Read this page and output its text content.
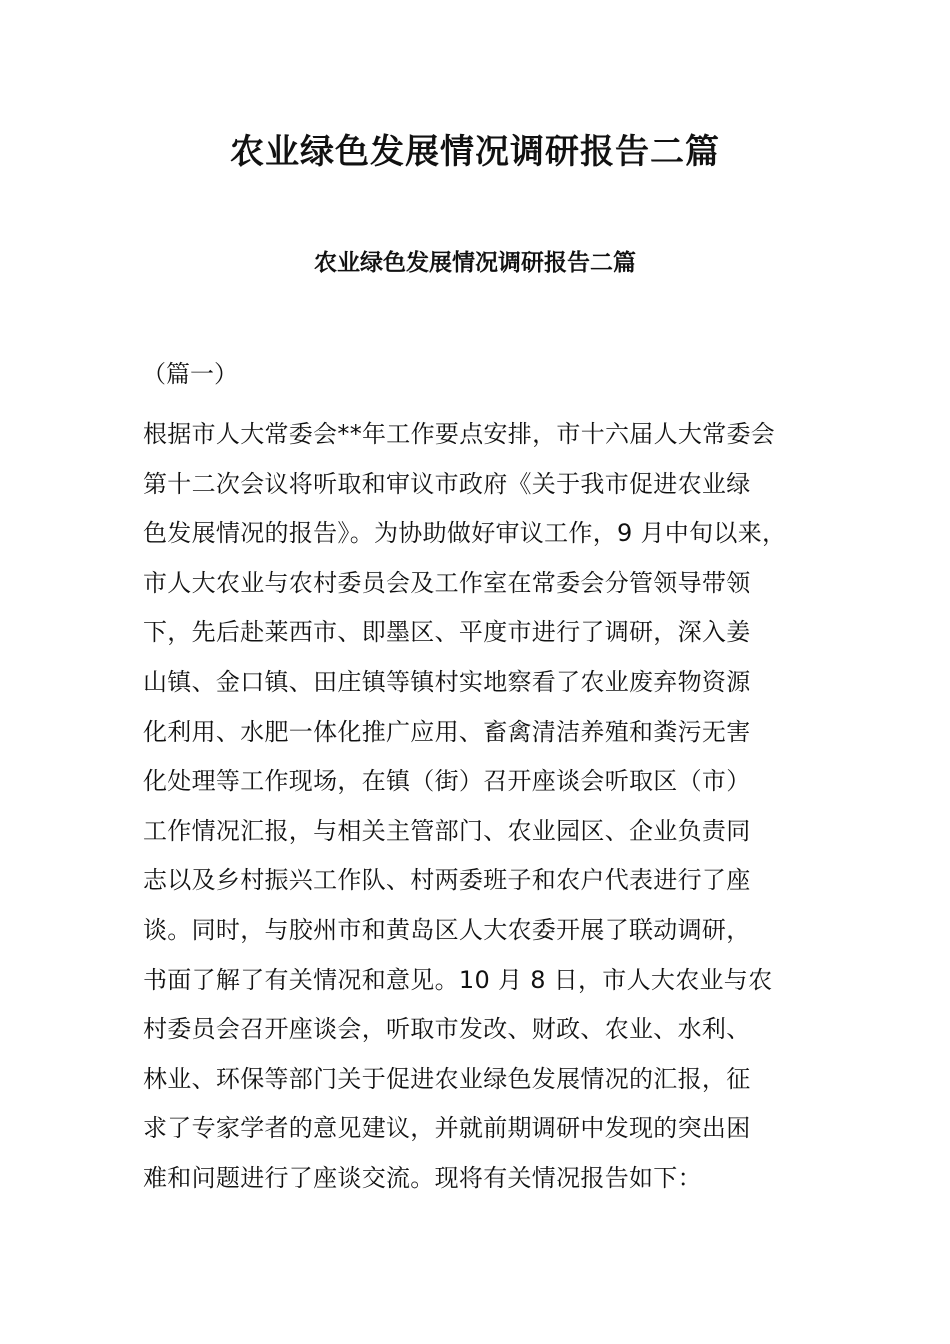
农业绿色发展情况调研报告二篇
农业绿色发展情况调研报告二篇

（篇一）

根据市人大常委会**年工作要点安排，市十六届人大常委会
第十二次会议将听取和审议市政府《关于我市促进农业绿
色发展情况的报告》。为协助做好审议工作，9 月中旬以来，
市人大农业与农村委员会及工作室在常委会分管领导带领
下，先后赴莱西市、即墨区、平度市进行了调研，深入姜
山镇、金口镇、田庄镇等镇村实地察看了农业废弃物资源
化利用、水肥一体化推广应用、畜禽清洁养殖和粪污无害
化处理等工作现场，在镇（街）召开座谈会听取区（市）
工作情况汇报，与相关主管部门、农业园区、企业负责同
志以及乡村振兴工作队、村两委班子和农户代表进行了座
谈。同时，与胶州市和黄岛区人大农委开展了联动调研，
书面了解了有关情况和意见。10 月 8 日，市人大农业与农
村委员会召开座谈会，听取市发改、财政、农业、水利、
林业、环保等部门关于促进农业绿色发展情况的汇报，征
求了专家学者的意见建议，并就前期调研中发现的突出困
难和问题进行了座谈交流。现将有关情况报告如下：
